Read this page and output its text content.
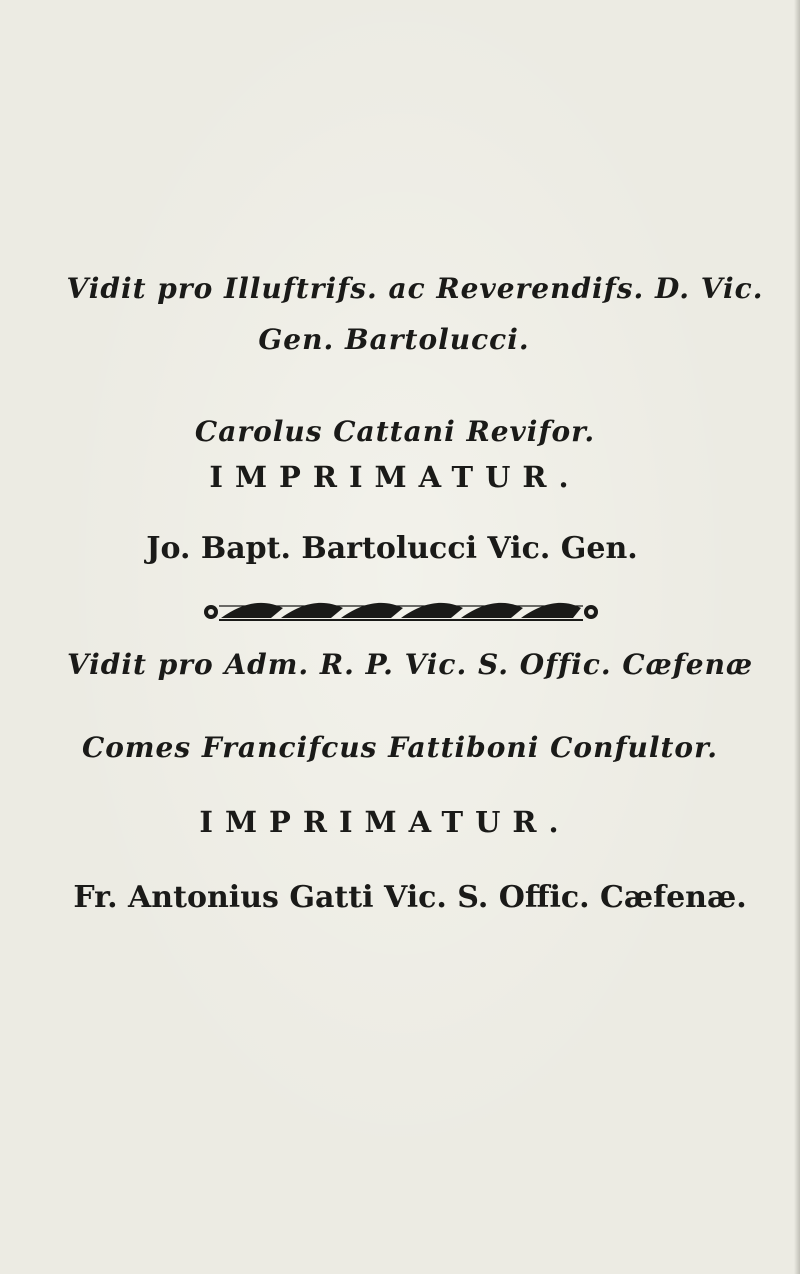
Vidit pro Illuftrifs. ac Reverendifs. D. Vic.
Gen. Bartolucci.
Carolus Cattani Revifor.
IMPRIMATUR.
Jo. Bapt. Bartolucci Vic. Gen.
Vidit pro Adm. R. P. Vic. S. Offic. Cæfenæ
Comes Francifcus Fattiboni Confultor.
IMPRIMATUR.
Fr. Antonius Gatti Vic. S. Offic. Cæfenæ.
